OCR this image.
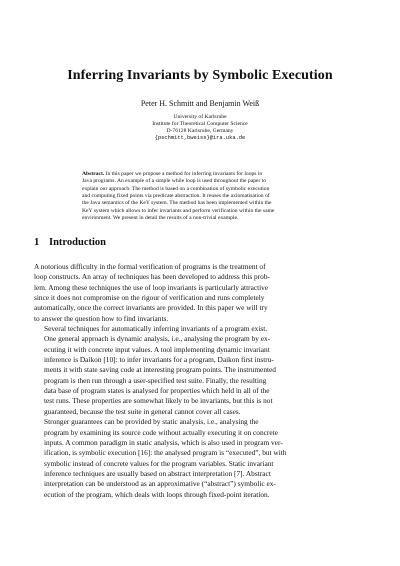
Inferring Invariants by Symbolic Execution
Peter H. Schmitt and Benjamin Weiß
University of Karlsruhe
Institute for Theoretical Computer Science
D-76128 Karlsruhe, Germany
{pschmitt,bweiss}@ira.uka.de
Abstract. In this paper we propose a method for inferring invariants for loops in
Java programs. An example of a simple while loop is used throughout the paper to
explain our approach. The method is based on a combination of symbolic execution
and computing fixed points via predicate abstraction. It reuses the axiomatisation of
the Java semantics of the KeY system. The method has been implemented within the
KeY system which allows to infer invariants and perform verification within the same
environment. We present in detail the results of a non-trivial example.
1 Introduction

A notorious difficulty in the formal verification of programs is the treatment of
loop constructs. An array of techniques has been developed to address this prob-
lem. Among these techniques the use of loop invariants is particularly attractive
since it does not compromise on the rigour of verification and runs completely
automatically, once the correct invariants are provided. In this paper we will try
to answer the question how to find invariants.

Several techniques for automatically inferring invariants of a program exist.
One general approach is dynamic analysis, i.e., analysing the program by ex-
ecuting it with concrete input values. A tool implementing dynamic invariant
inference is Daikon [10]: to infer invariants for a program, Daikon first instru-
ments it with state saving code at interesting program points. The instrumented
program is then run through a user-specified test suite. Finally, the resulting
data base of program states is analysed for properties which held in all of the
test runs. These properties are somewhat likely to be invariants, but this is not
guaranteed, because the test suite in general cannot cover all cases.

Stronger guarantees can be provided by static analysis, i.e., analysing the
program by examining its source code without actually executing it on concrete
inputs. A common paradigm in static analysis, which is also used in program ver-
ification, is symbolic execution [16]: the analysed program is “executed”, but with
symbolic instead of concrete values for the program variables. Static invariant
inference techniques are usually based on abstract interpretation [7]. Abstract
interpretation can be understood as an approximative (“abstract”) symbolic ex-
ecution of the program, which deals with loops through fixed-point iteration.
